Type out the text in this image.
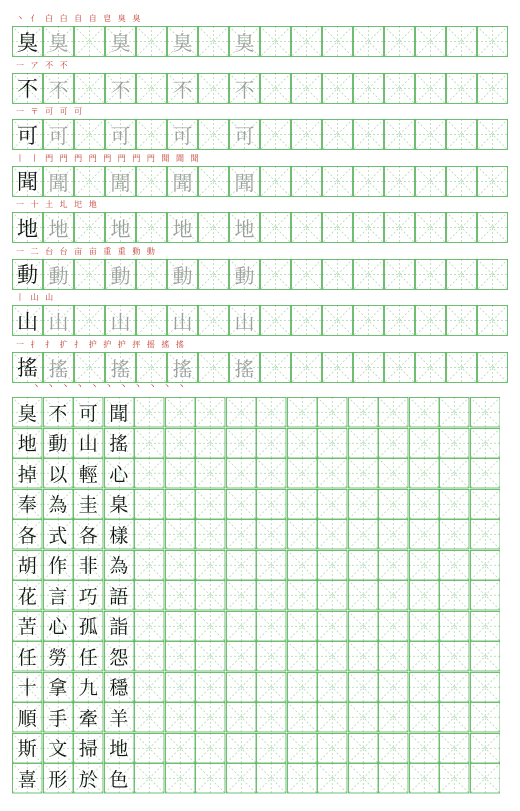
丶 亻 白 白 自 自 皀 臭 臭
臭 臭 臭 臭 臭
一 ア 不 不
不 不 不 不 不
一 〒 可 可 可
可 可 可 可 可
丨 丨 門 門 門 門 門 門 門 門 聞 聞 聞
聞 聞 聞 聞 聞
一 十 土 圠 圯 地
地 地 地 地 地
一 二 台 台 亩 亩 重 重 動 動
動 動 動 動 動
丨 山 山
山 山 山 山 山
一 扌 扌 扩 扌 护 护 护 抨 摇 搖 搖
搖 搖 搖 搖 搖
丶 丶 丶 丶 丶 丶 丶 丶 丶 丶 丶
臭 不 可 聞
地 動 山 搖
掉 以 輕 心
奉 為 圭 臬
各 式 各 樣
胡 作 非 為
花 言 巧 語
苦 心 孤 詣
任 勞 任 怨
十 拿 九 穩
順 手 牽 羊
斯 文 掃 地
喜 形 於 色
